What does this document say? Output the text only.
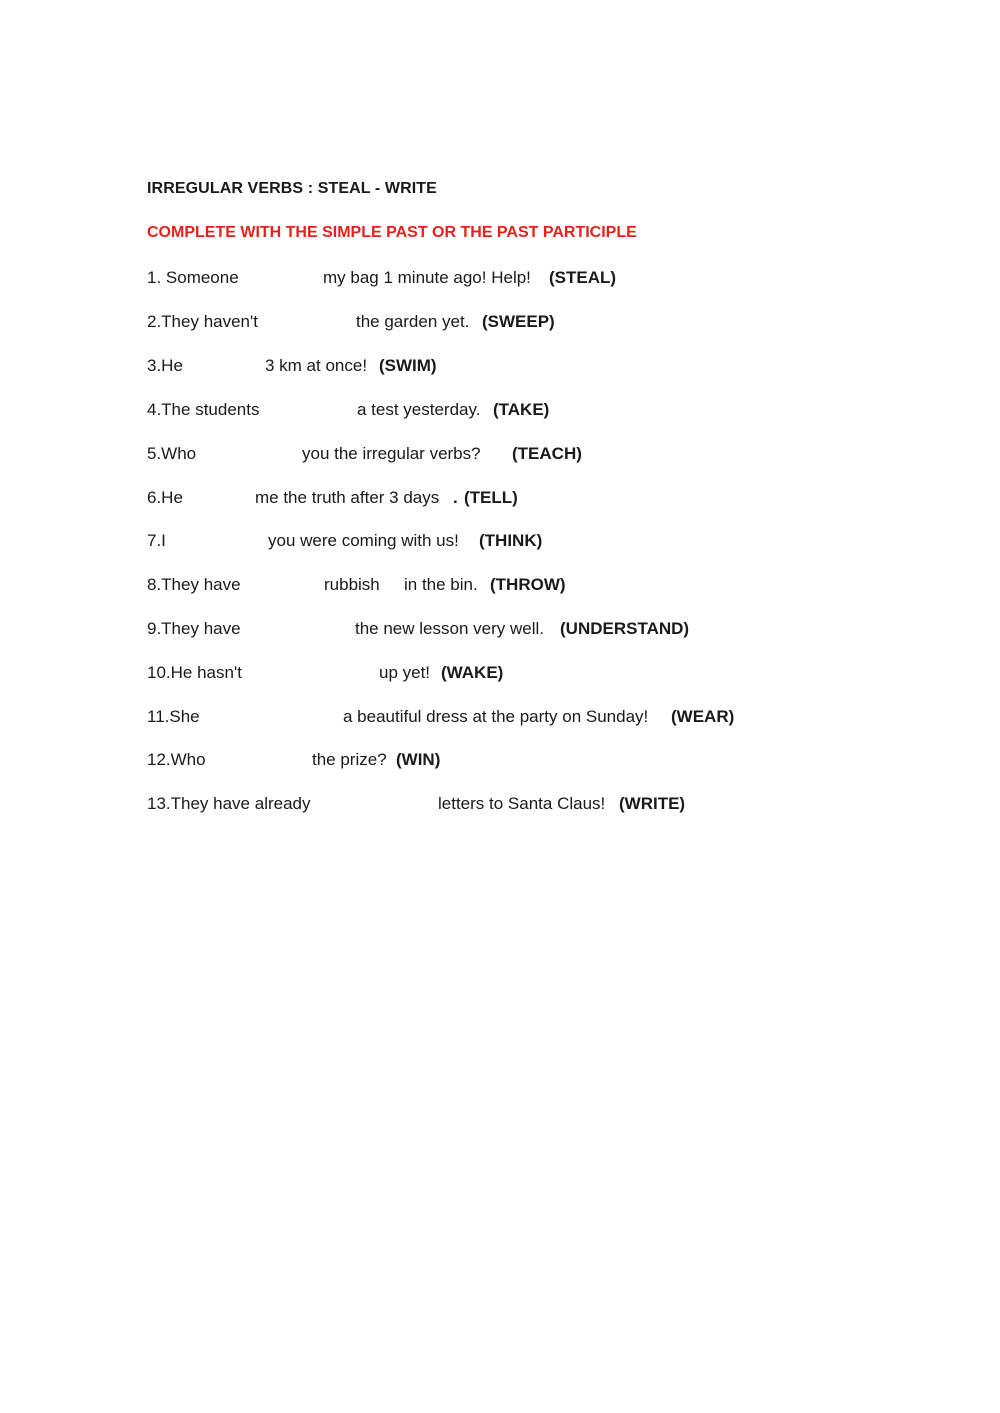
IRREGULAR VERBS : STEAL - WRITE
COMPLETE WITH THE SIMPLE PAST OR THE PAST PARTICIPLE
1. Someone	my bag 1 minute ago! Help! (STEAL)
2.They haven't	the garden yet. (SWEEP)
3.He	3 km at once! (SWIM)
4.The students	a test yesterday. (TAKE)
5.Who	you the irregular verbs? (TEACH)
6.He	me the truth after 3 days . (TELL)
7.I	you were coming with us! (THINK)
8.They have	rubbish in the bin. (THROW)
9.They have	the new lesson very well. (UNDERSTAND)
10.He hasn't	up yet! (WAKE)
11.She	a beautiful dress at the party on Sunday! (WEAR)
12.Who	the prize? (WIN)
13.They have already	letters to Santa Claus! (WRITE)
